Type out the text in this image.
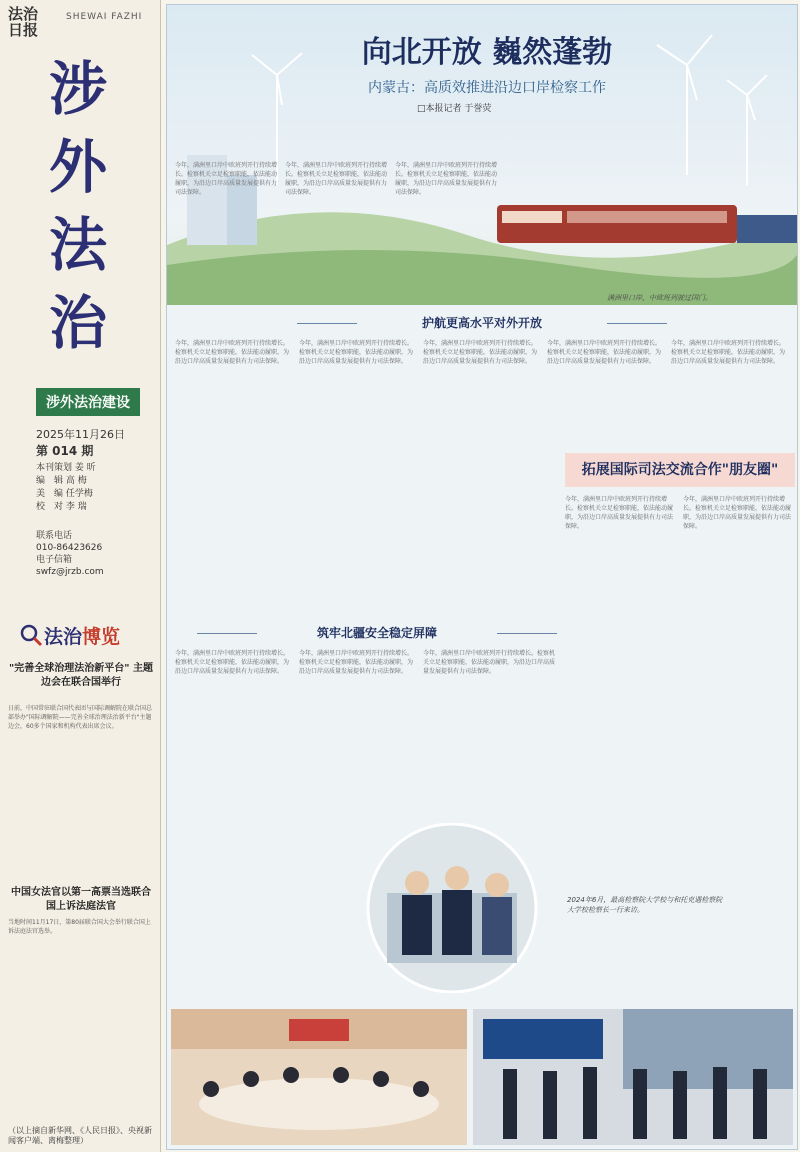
法治日报
SHEWAI FAZHI
涉
外
法
治
涉外法治建设
2025年11月26日
第 014 期
本刊策划 姜 昕
编　辑 高 梅
美　编 任学梅
校　对 李 瑞
联系电话
010-86423626
电子信箱
swfz@jrzb.com
法治博览
"完善全球治理法治新平台" 主题边会在联合国举行
日前，中国常驻联合国代表团与国际调解院在联合国总部举办"国际调解院——完善全球治理法治新平台"主题边会，60多个国家和机构代表出席会议。
中国女法官以第一高票当选联合国上诉法庭法官
当地时间11月17日，第80届联合国大会举行联合国上诉法庭法官选举。
（以上摘自新华网、《人民日报》、央视新闻客户端、离梅整理）
向北开放 巍然蓬勃
内蒙古：高质效推进沿边口岸检察工作
□本报记者 于誉荧
今年，满洲里口岸中欧班列开行持续增长。检察机关立足检察职能，依法能动履职，为沿边口岸高质量发展提供有力司法保障。
今年，满洲里口岸中欧班列开行持续增长。检察机关立足检察职能，依法能动履职，为沿边口岸高质量发展提供有力司法保障。
今年，满洲里口岸中欧班列开行持续增长。检察机关立足检察职能，依法能动履职，为沿边口岸高质量发展提供有力司法保障。
满洲里口岸，中欧班列驶过国门。
护航更高水平对外开放
今年，满洲里口岸中欧班列开行持续增长。检察机关立足检察职能，依法能动履职，为沿边口岸高质量发展提供有力司法保障。
今年，满洲里口岸中欧班列开行持续增长。检察机关立足检察职能，依法能动履职，为沿边口岸高质量发展提供有力司法保障。
今年，满洲里口岸中欧班列开行持续增长。检察机关立足检察职能，依法能动履职，为沿边口岸高质量发展提供有力司法保障。
今年，满洲里口岸中欧班列开行持续增长。检察机关立足检察职能，依法能动履职，为沿边口岸高质量发展提供有力司法保障。
今年，满洲里口岸中欧班列开行持续增长。检察机关立足检察职能，依法能动履职，为沿边口岸高质量发展提供有力司法保障。
拓展国际司法交流合作"朋友圈"
今年，满洲里口岸中欧班列开行持续增长。检察机关立足检察职能，依法能动履职，为沿边口岸高质量发展提供有力司法保障。
今年，满洲里口岸中欧班列开行持续增长。检察机关立足检察职能，依法能动履职，为沿边口岸高质量发展提供有力司法保障。
筑牢北疆安全稳定屏障
今年，满洲里口岸中欧班列开行持续增长。检察机关立足检察职能，依法能动履职，为沿边口岸高质量发展提供有力司法保障。
今年，满洲里口岸中欧班列开行持续增长。检察机关立足检察职能，依法能动履职，为沿边口岸高质量发展提供有力司法保障。
今年，满洲里口岸中欧班列开行持续增长。检察机关立足检察职能，依法能动履职，为沿边口岸高质量发展提供有力司法保障。
2024年6月，最高检察院大学校与和托克遇检察院大学校检察长一行来访。
